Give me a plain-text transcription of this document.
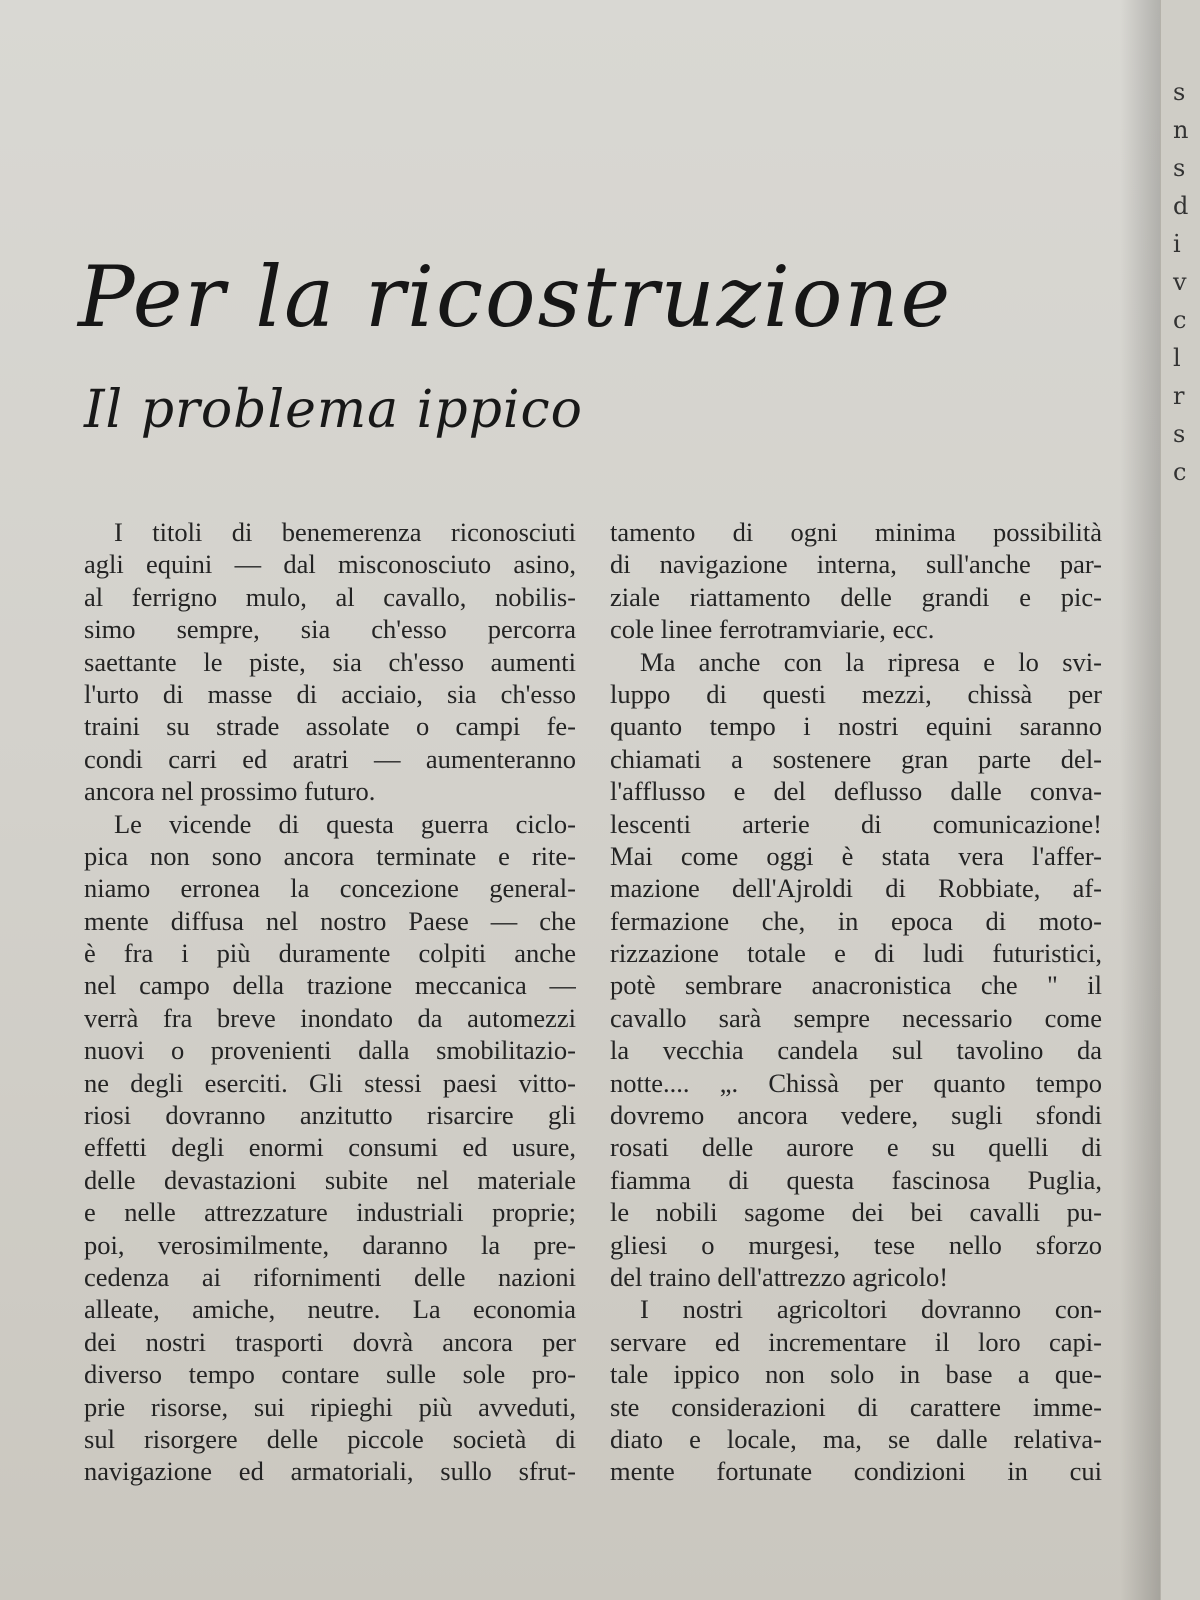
Per la ricostruzione
Il problema ippico
I titoli di benemerenza riconosciuti
agli equini — dal misconosciuto asino,
al ferrigno mulo, al cavallo, nobilis-
simo sempre, sia ch'esso percorra
saettante le piste, sia ch'esso aumenti
l'urto di masse di acciaio, sia ch'esso
traini su strade assolate o campi fe-
condi carri ed aratri — aumenteranno
ancora nel prossimo futuro.
Le vicende di questa guerra ciclo-
pica non sono ancora terminate e rite-
niamo erronea la concezione general-
mente diffusa nel nostro Paese — che
è fra i più duramente colpiti anche
nel campo della trazione meccanica —
verrà fra breve inondato da automezzi
nuovi o provenienti dalla smobilitazio-
ne degli eserciti. Gli stessi paesi vitto-
riosi dovranno anzitutto risarcire gli
effetti degli enormi consumi ed usure,
delle devastazioni subite nel materiale
e nelle attrezzature industriali proprie;
poi, verosimilmente, daranno la pre-
cedenza ai rifornimenti delle nazioni
alleate, amiche, neutre. La economia
dei nostri trasporti dovrà ancora per
diverso tempo contare sulle sole pro-
prie risorse, sui ripieghi più avveduti,
sul risorgere delle piccole società di
navigazione ed armatoriali, sullo sfrut-
tamento di ogni minima possibilità
di navigazione interna, sull'anche par-
ziale riattamento delle grandi e pic-
cole linee ferrotramviarie, ecc.
Ma anche con la ripresa e lo svi-
luppo di questi mezzi, chissà per
quanto tempo i nostri equini saranno
chiamati a sostenere gran parte del-
l'afflusso e del deflusso dalle conva-
lescenti arterie di comunicazione!
Mai come oggi è stata vera l'affer-
mazione dell'Ajroldi di Robbiate, af-
fermazione che, in epoca di moto-
rizzazione totale e di ludi futuristici,
potè sembrare anacronistica che " il
cavallo sarà sempre necessario come
la vecchia candela sul tavolino da
notte.... „. Chissà per quanto tempo
dovremo ancora vedere, sugli sfondi
rosati delle aurore e su quelli di
fiamma di questa fascinosa Puglia,
le nobili sagome dei bei cavalli pu-
gliesi o murgesi, tese nello sforzo
del traino dell'attrezzo agricolo!
I nostri agricoltori dovranno con-
servare ed incrementare il loro capi-
tale ippico non solo in base a que-
ste considerazioni di carattere imme-
diato e locale, ma, se dalle relativa-
mente fortunate condizioni in cui
s
n
s
d
i
v
c
l
r
s
c
